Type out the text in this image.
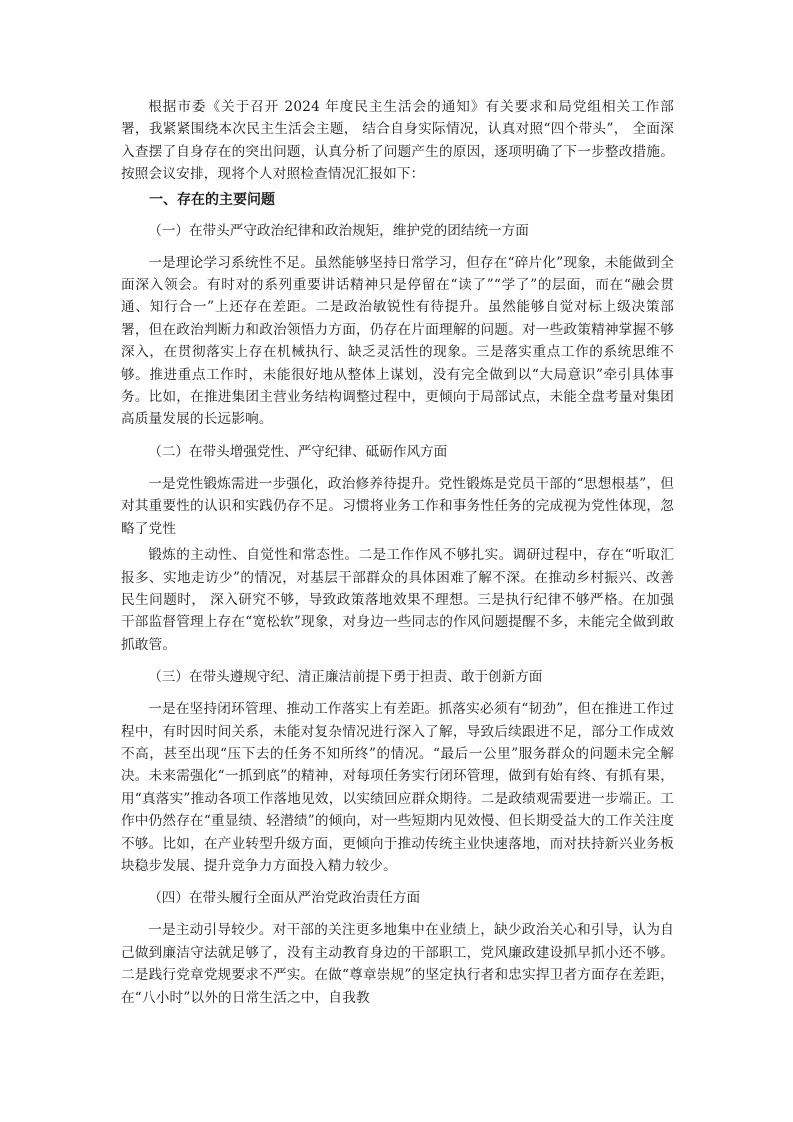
根据市委《关于召开 2024 年度民主生活会的通知》有关要求和局党组相关工作部署，我紧紧围绕本次民主生活会主题， 结合自身实际情况，认真对照“四个带头”， 全面深入查摆了自身存在的突出问题，认真分析了问题产生的原因，逐项明确了下一步整改措施。按照会议安排，现将个人对照检查情况汇报如下：

一、存在的主要问题

（一）在带头严守政治纪律和政治规矩，维护党的团结统一方面

一是理论学习系统性不足。虽然能够坚持日常学习，但存在“碎片化”现象，未能做到全面深入领会。有时对的系列重要讲话精神只是停留在“读了”“学了”的层面，而在“融会贯通、知行合一”上还存在差距。二是政治敏锐性有待提升。虽然能够自觉对标上级决策部署，但在政治判断力和政治领悟力方面，仍存在片面理解的问题。对一些政策精神掌握不够深入，在贯彻落实上存在机械执行、缺乏灵活性的现象。三是落实重点工作的系统思维不够。推进重点工作时，未能很好地从整体上谋划，没有完全做到以“大局意识”牵引具体事务。比如，在推进集团主营业务结构调整过程中，更倾向于局部试点，未能全盘考量对集团高质量发展的长远影响。

（二）在带头增强党性、严守纪律、砥砺作风方面

一是党性锻炼需进一步强化，政治修养待提升。党性锻炼是党员干部的“思想根基”，但对其重要性的认识和实践仍存不足。习惯将业务工作和事务性任务的完成视为党性体现，忽略了党性

锻炼的主动性、自觉性和常态性。二是工作作风不够扎实。调研过程中，存在“听取汇报多、实地走访少”的情况，对基层干部群众的具体困难了解不深。在推动乡村振兴、改善民生问题时， 深入研究不够，导致政策落地效果不理想。三是执行纪律不够严格。在加强干部监督管理上存在“宽松软”现象，对身边一些同志的作风问题提醒不多，未能完全做到敢抓敢管。

（三）在带头遵规守纪、清正廉洁前提下勇于担责、敢于创新方面

一是在坚持闭环管理、推动工作落实上有差距。抓落实必须有“韧劲”，但在推进工作过程中，有时因时间关系，未能对复杂情况进行深入了解，导致后续跟进不足，部分工作成效不高，甚至出现“压下去的任务不知所终”的情况。“最后一公里”服务群众的问题未完全解决。未来需强化“一抓到底”的精神，对每项任务实行闭环管理，做到有始有终、有抓有果，用“真落实”推动各项工作落地见效，以实绩回应群众期待。二是政绩观需要进一步端正。工作中仍然存在“重显绩、轻潜绩”的倾向，对一些短期内见效慢、但长期受益大的工作关注度不够。比如，在产业转型升级方面，更倾向于推动传统主业快速落地，而对扶持新兴业务板块稳步发展、提升竞争力方面投入精力较少。

（四）在带头履行全面从严治党政治责任方面

一是主动引导较少。对干部的关注更多地集中在业绩上，缺少政治关心和引导，认为自己做到廉洁守法就足够了，没有主动教育身边的干部职工，党风廉政建设抓早抓小还不够。二是践行党章党规要求不严实。在做“尊章崇规”的坚定执行者和忠实捍卫者方面存在差距，在“八小时”以外的日常生活之中，自我教
